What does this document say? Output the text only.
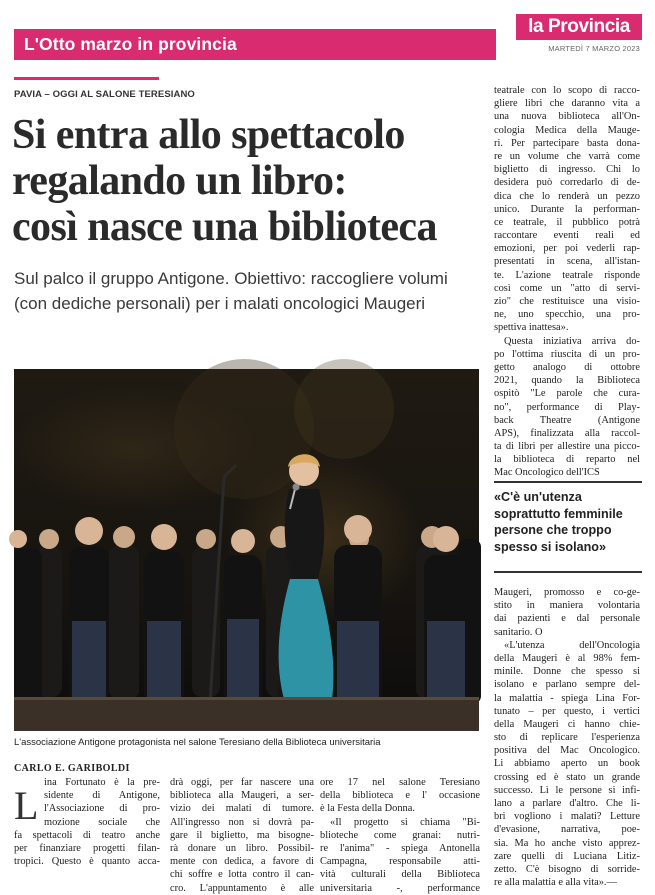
L'Otto marzo in provincia
la Provincia
MARTEDÌ 7 MARZO 2023
PAVIA – OGGI AL SALONE TERESIANO
Si entra allo spettacolo
regalando un libro:
così nasce una biblioteca
Sul palco il gruppo Antigone. Obiettivo: raccogliere volumi
(con dediche personali) per i malati oncologici Maugeri
L'associazione Antigone protagonista nel salone Teresiano della Biblioteca universitaria
CARLO E. GARIBOLDI
L
ina Fortunato è la pre-
sidente di Antigone,
l'Associazione di pro-
mozione sociale che
fa spettacoli di teatro anche
per finanziare progetti filan-
tropici. Questo è quanto acca-
drà oggi, per far nascere una
biblioteca alla Maugeri, a ser-
vizio dei malati di tumore.
All'ingresso non si dovrà pa-
gare il biglietto, ma bisogne-
rà donare un libro. Possibil-
mente con dedica, a favore di
chi soffre e lotta contro il can-
cro. L'appuntamento è alle
ore 17 nel salone Teresiano
della biblioteca e l' occasione
è la Festa della Donna.
«Il progetto si chiama "Bi-
blioteche come granai: nutri-
re l'anima" - spiega Antonella
Campagna, responsabile atti-
vità culturali della Biblioteca
universitaria -, performance
teatrale con lo scopo di racco-
gliere libri che daranno vita a
una nuova biblioteca all'On-
cologia Medica della Mauge-
ri. Per partecipare basta dona-
re un volume che varrà come
biglietto di ingresso. Chi lo
desidera può corredarlo di de-
dica che lo renderà un pezzo
unico. Durante la performan-
ce teatrale, il pubblico potrà
raccontare eventi reali ed
emozioni, per poi vederli rap-
presentati in scena, all'istan-
te. L'azione teatrale risponde
così come un "atto di servi-
zio" che restituisce una visio-
ne, uno specchio, una pro-
spettiva inattesa».
Questa iniziativa arriva do-
po l'ottima riuscita di un pro-
getto analogo di ottobre
2021, quando la Biblioteca
ospitò "Le parole che cura-
no", performance di Play-
back Theatre (Antigone
APS), finalizzata alla raccol-
ta di libri per allestire una picco-
la biblioteca di reparto nel
Mac Oncologico dell'ICS
«C'è un'utenza
soprattutto femminile
persone che troppo
spesso si isolano»
Maugeri, promosso e co-ge-
stito in maniera volontaria
dai pazienti e dal personale
sanitario. O
«L'utenza dell'Oncologia
della Maugeri è al 98% fem-
minile. Donne che spesso si
isolano e parlano sempre del-
la malattia - spiega Lina For-
tunato – per questo, i vertici
della Maugeri ci hanno chie-
sto di replicare l'esperienza
positiva del Mac Oncologico.
Li abbiamo aperto un book
crossing ed è stato un grande
successo. Lì le persone si infi-
lano a parlare d'altro. Che li-
bri vogliono i malati? Letture
d'evasione, narrativa, poe-
sia. Ma ho anche visto apprez-
zare quelli di Luciana Litiz-
zetto. C'è bisogno di sorride-
re alla malattia e alla vita».—
